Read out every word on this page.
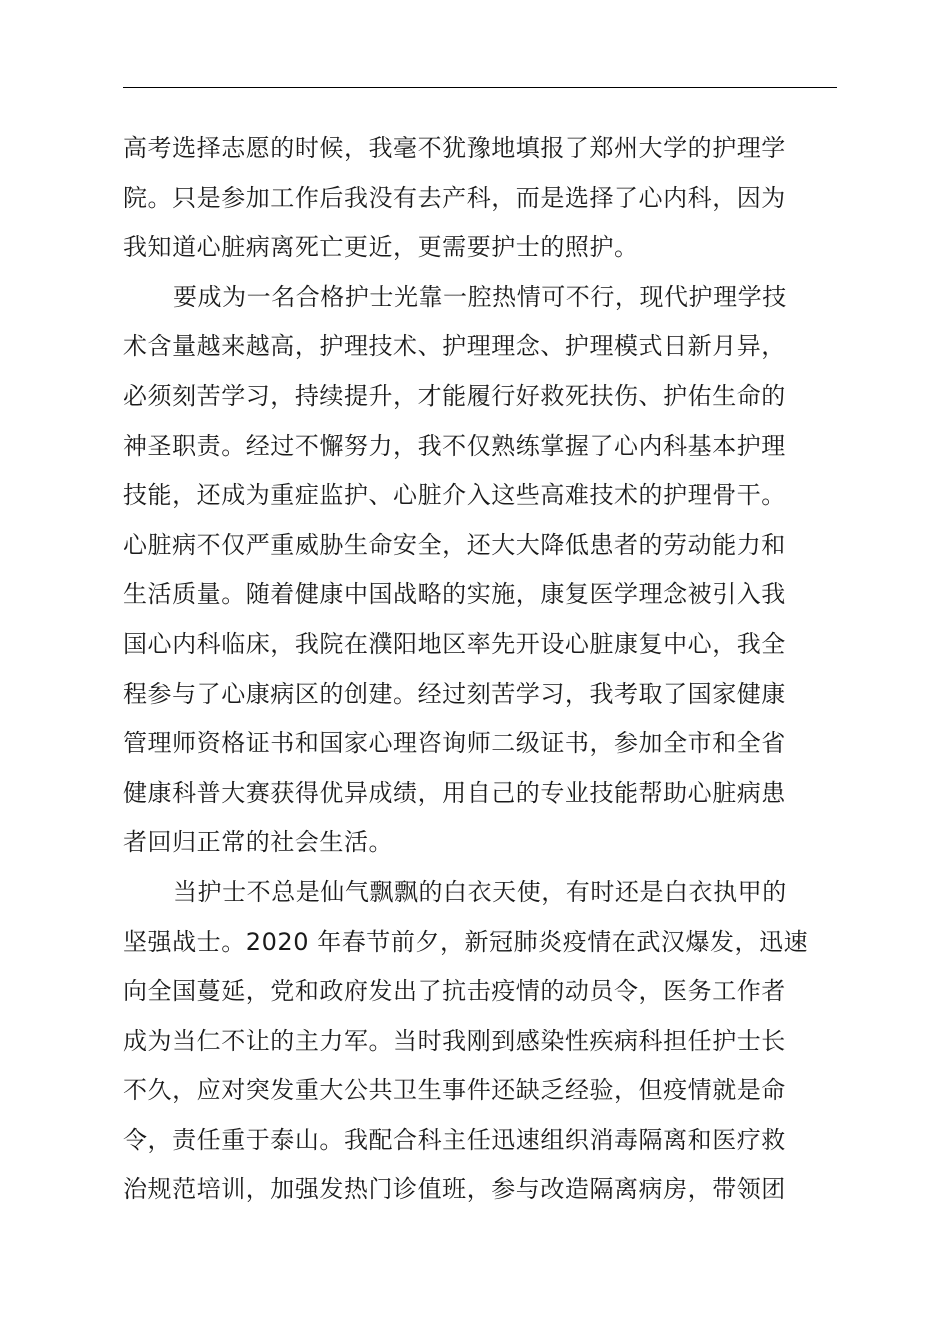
高考选择志愿的时候，我毫不犹豫地填报了郑州大学的护理学
院。只是参加工作后我没有去产科，而是选择了心内科，因为
我知道心脏病离死亡更近，更需要护士的照护。
要成为一名合格护士光靠一腔热情可不行，现代护理学技
术含量越来越高，护理技术、护理理念、护理模式日新月异，
必须刻苦学习，持续提升，才能履行好救死扶伤、护佑生命的
神圣职责。经过不懈努力，我不仅熟练掌握了心内科基本护理
技能，还成为重症监护、心脏介入这些高难技术的护理骨干。
心脏病不仅严重威胁生命安全，还大大降低患者的劳动能力和
生活质量。随着健康中国战略的实施，康复医学理念被引入我
国心内科临床，我院在濮阳地区率先开设心脏康复中心，我全
程参与了心康病区的创建。经过刻苦学习，我考取了国家健康
管理师资格证书和国家心理咨询师二级证书，参加全市和全省
健康科普大赛获得优异成绩，用自己的专业技能帮助心脏病患
者回归正常的社会生活。
当护士不总是仙气飘飘的白衣天使，有时还是白衣执甲的
坚强战士。2020 年春节前夕，新冠肺炎疫情在武汉爆发，迅速
向全国蔓延，党和政府发出了抗击疫情的动员令，医务工作者
成为当仁不让的主力军。当时我刚到感染性疾病科担任护士长
不久，应对突发重大公共卫生事件还缺乏经验，但疫情就是命
令，责任重于泰山。我配合科主任迅速组织消毒隔离和医疗救
治规范培训，加强发热门诊值班，参与改造隔离病房，带领团
